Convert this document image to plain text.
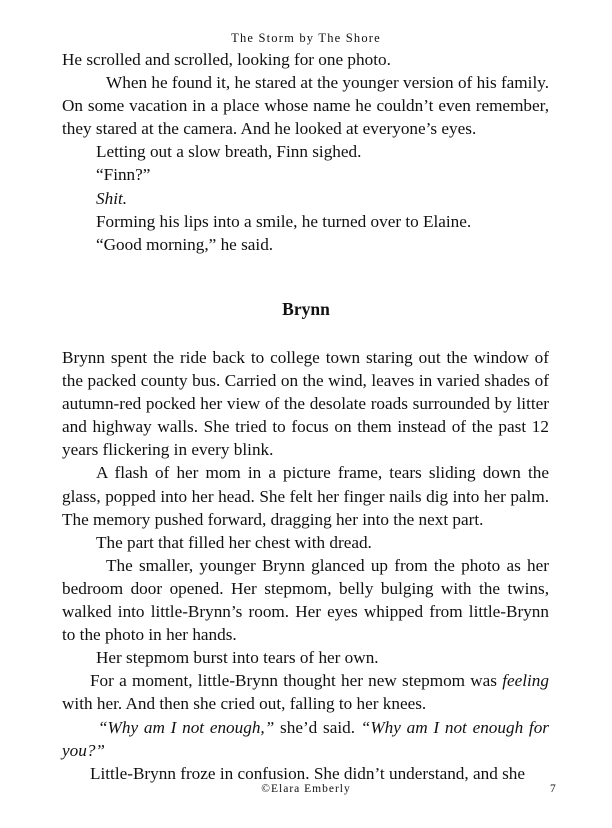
The Storm by The Shore

He scrolled and scrolled, looking for one photo.

When he found it, he stared at the younger version of his family. On some vacation in a place whose name he couldn’t even remember, they stared at the camera. And he looked at everyone’s eyes.

Letting out a slow breath, Finn sighed.

“Finn?”

Shit.

Forming his lips into a smile, he turned over to Elaine.

“Good morning,” he said.

Brynn

Brynn spent the ride back to college town staring out the window of the packed county bus. Carried on the wind, leaves in varied shades of autumn-red pocked her view of the desolate roads surrounded by litter and highway walls. She tried to focus on them instead of the past 12 years flickering in every blink.

A flash of her mom in a picture frame, tears sliding down the glass, popped into her head. She felt her finger nails dig into her palm. The memory pushed forward, dragging her into the next part.

The part that filled her chest with dread.

The smaller, younger Brynn glanced up from the photo as her bedroom door opened. Her stepmom, belly bulging with the twins, walked into little-Brynn’s room. Her eyes whipped from little-Brynn to the photo in her hands.

Her stepmom burst into tears of her own.

For a moment, little-Brynn thought her new stepmom was feeling with her. And then she cried out, falling to her knees.

“Why am I not enough,” she’d said. “Why am I not enough for you?”

Little-Brynn froze in confusion. She didn’t understand, and she

©Elara Emberly	7
